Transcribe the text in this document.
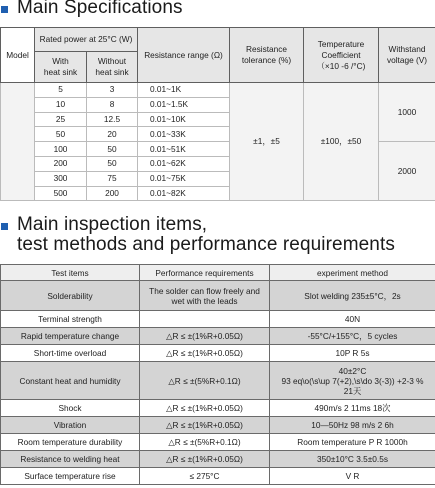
Main Specifications
Model	Rated power at 25°C (W)		Resistance range (Ω)	Resistance
tolerance (%)	Temperature
Coefficient
（×10 -6 /°C)	Withstand
voltage (V)
	With
heat sink	Without
heat sink				
	5	3	0.01~1K	±1，±5	±100，±50	1000
	10	8	0.01~1.5K			
	25	12.5	0.01~10K			
	50	20	0.01~33K			
	100	50	0.01~51K			2000
	200	50	0.01~62K			
	300	75	0.01~75K			
	500	200	0.01~82K			
Main inspection items,
test methods and performance requirements
Test items	Performance requirements	experiment method
Solderability	The solder can flow freely and wet with the leads	Slot welding 235±5°C，2s
Terminal strength		40N
Rapid temperature change	△R ≤ ±(1%R+0.05Ω)	-55°C/+155°C，5 cycles
Short-time overload	△R ≤ ±(1%R+0.05Ω)	10P R 5s
Constant heat and humidity	△R ≤ ±(5%R+0.1Ω)	40±2°C
93 eq\o(\s\up 7(+2),\s\do 3(-3)) +2-3 %
21天
Shock	△R ≤ ±(1%R+0.05Ω)	490m/s 2 11ms 18次
Vibration	△R ≤ ±(1%R+0.05Ω)	10—50Hz 98 m/s 2 6h
Room temperature durability	△R ≤ ±(5%R+0.1Ω)	Room temperature P R 1000h
Resistance to welding heat	△R ≤ ±(1%R+0.05Ω)	350±10°C 3.5±0.5s
Surface temperature rise	≤ 275°C	V R
